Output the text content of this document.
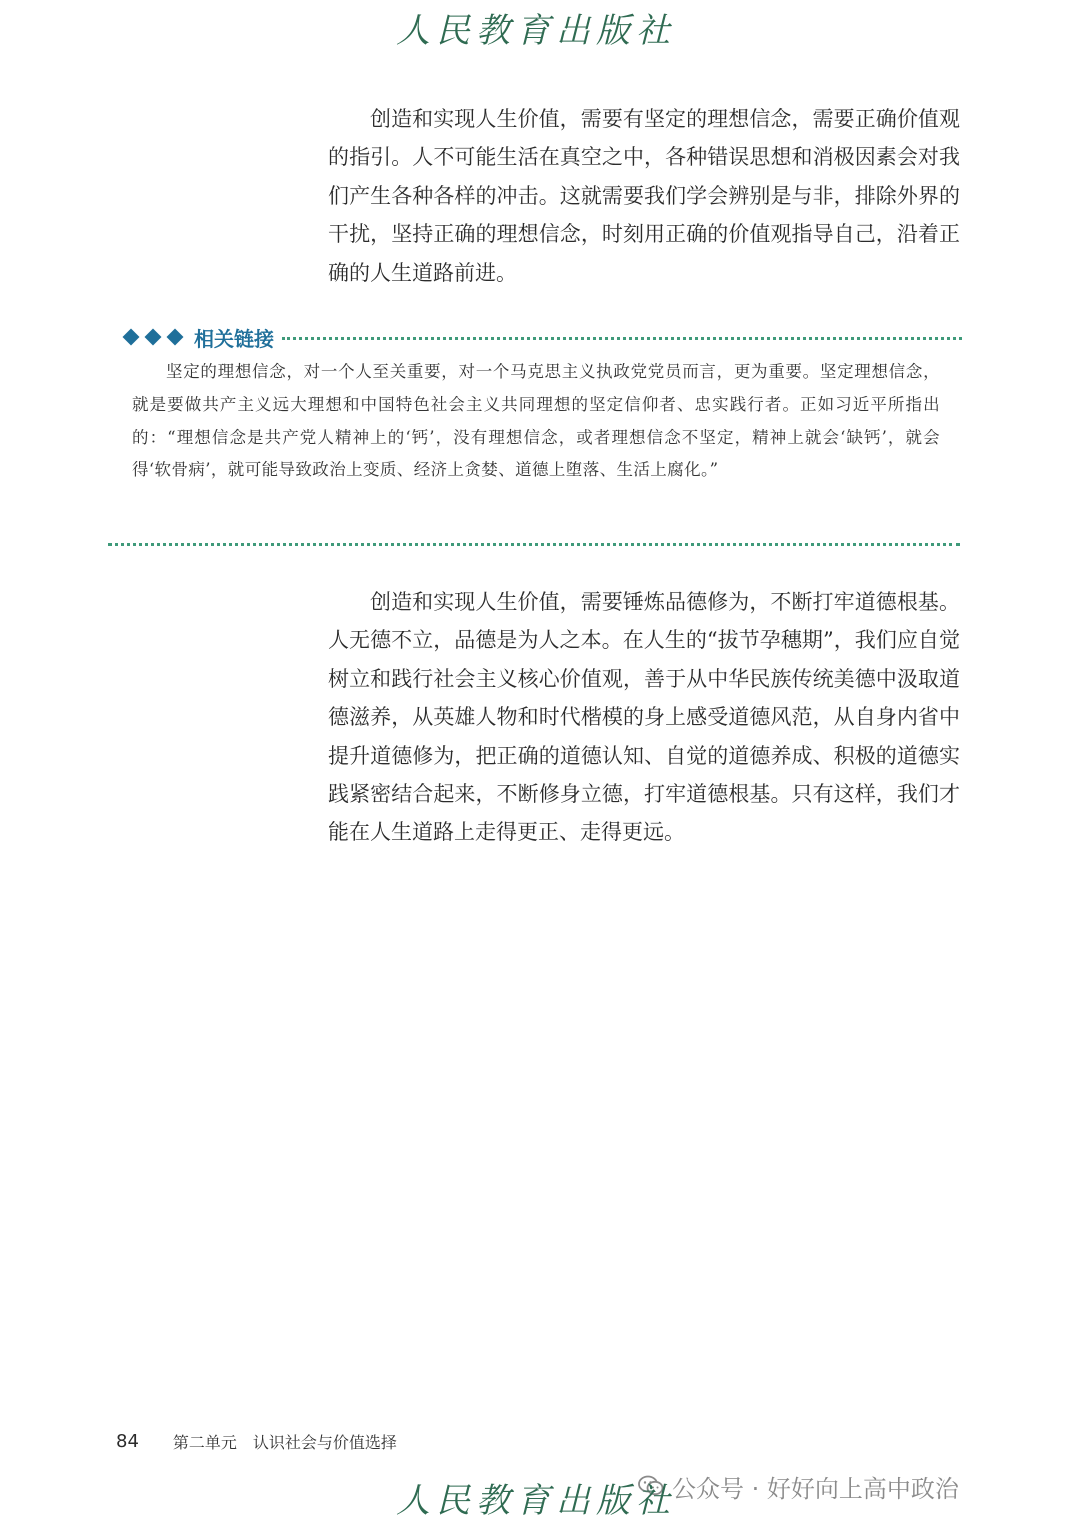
人民教育出版社

创造和实现人生价值，需要有坚定的理想信念，需要正确价值观的指引。人不可能生活在真空之中，各种错误思想和消极因素会对我们产生各种各样的冲击。这就需要我们学会辨别是与非，排除外界的干扰，坚持正确的理想信念，时刻用正确的价值观指导自己，沿着正确的人生道路前进。

相关链接

坚定的理想信念，对一个人至关重要，对一个马克思主义执政党党员而言，更为重要。坚定理想信念，就是要做共产主义远大理想和中国特色社会主义共同理想的坚定信仰者、忠实践行者。正如习近平所指出的：“理想信念是共产党人精神上的‘钙’，没有理想信念，或者理想信念不坚定，精神上就会‘缺钙’，就会得‘软骨病’，就可能导致政治上变质、经济上贪婪、道德上堕落、生活上腐化。”

创造和实现人生价值，需要锤炼品德修为，不断打牢道德根基。人无德不立，品德是为人之本。在人生的“拔节孕穗期”，我们应自觉树立和践行社会主义核心价值观，善于从中华民族传统美德中汲取道德滋养，从英雄人物和时代楷模的身上感受道德风范，从自身内省中提升道德修为，把正确的道德认知、自觉的道德养成、积极的道德实践紧密结合起来，不断修身立德，打牢道德根基。只有这样，我们才能在人生道路上走得更正、走得更远。

84 第二单元　认识社会与价值选择
公众号 · 好好向上高中政治
人民教育出版社
